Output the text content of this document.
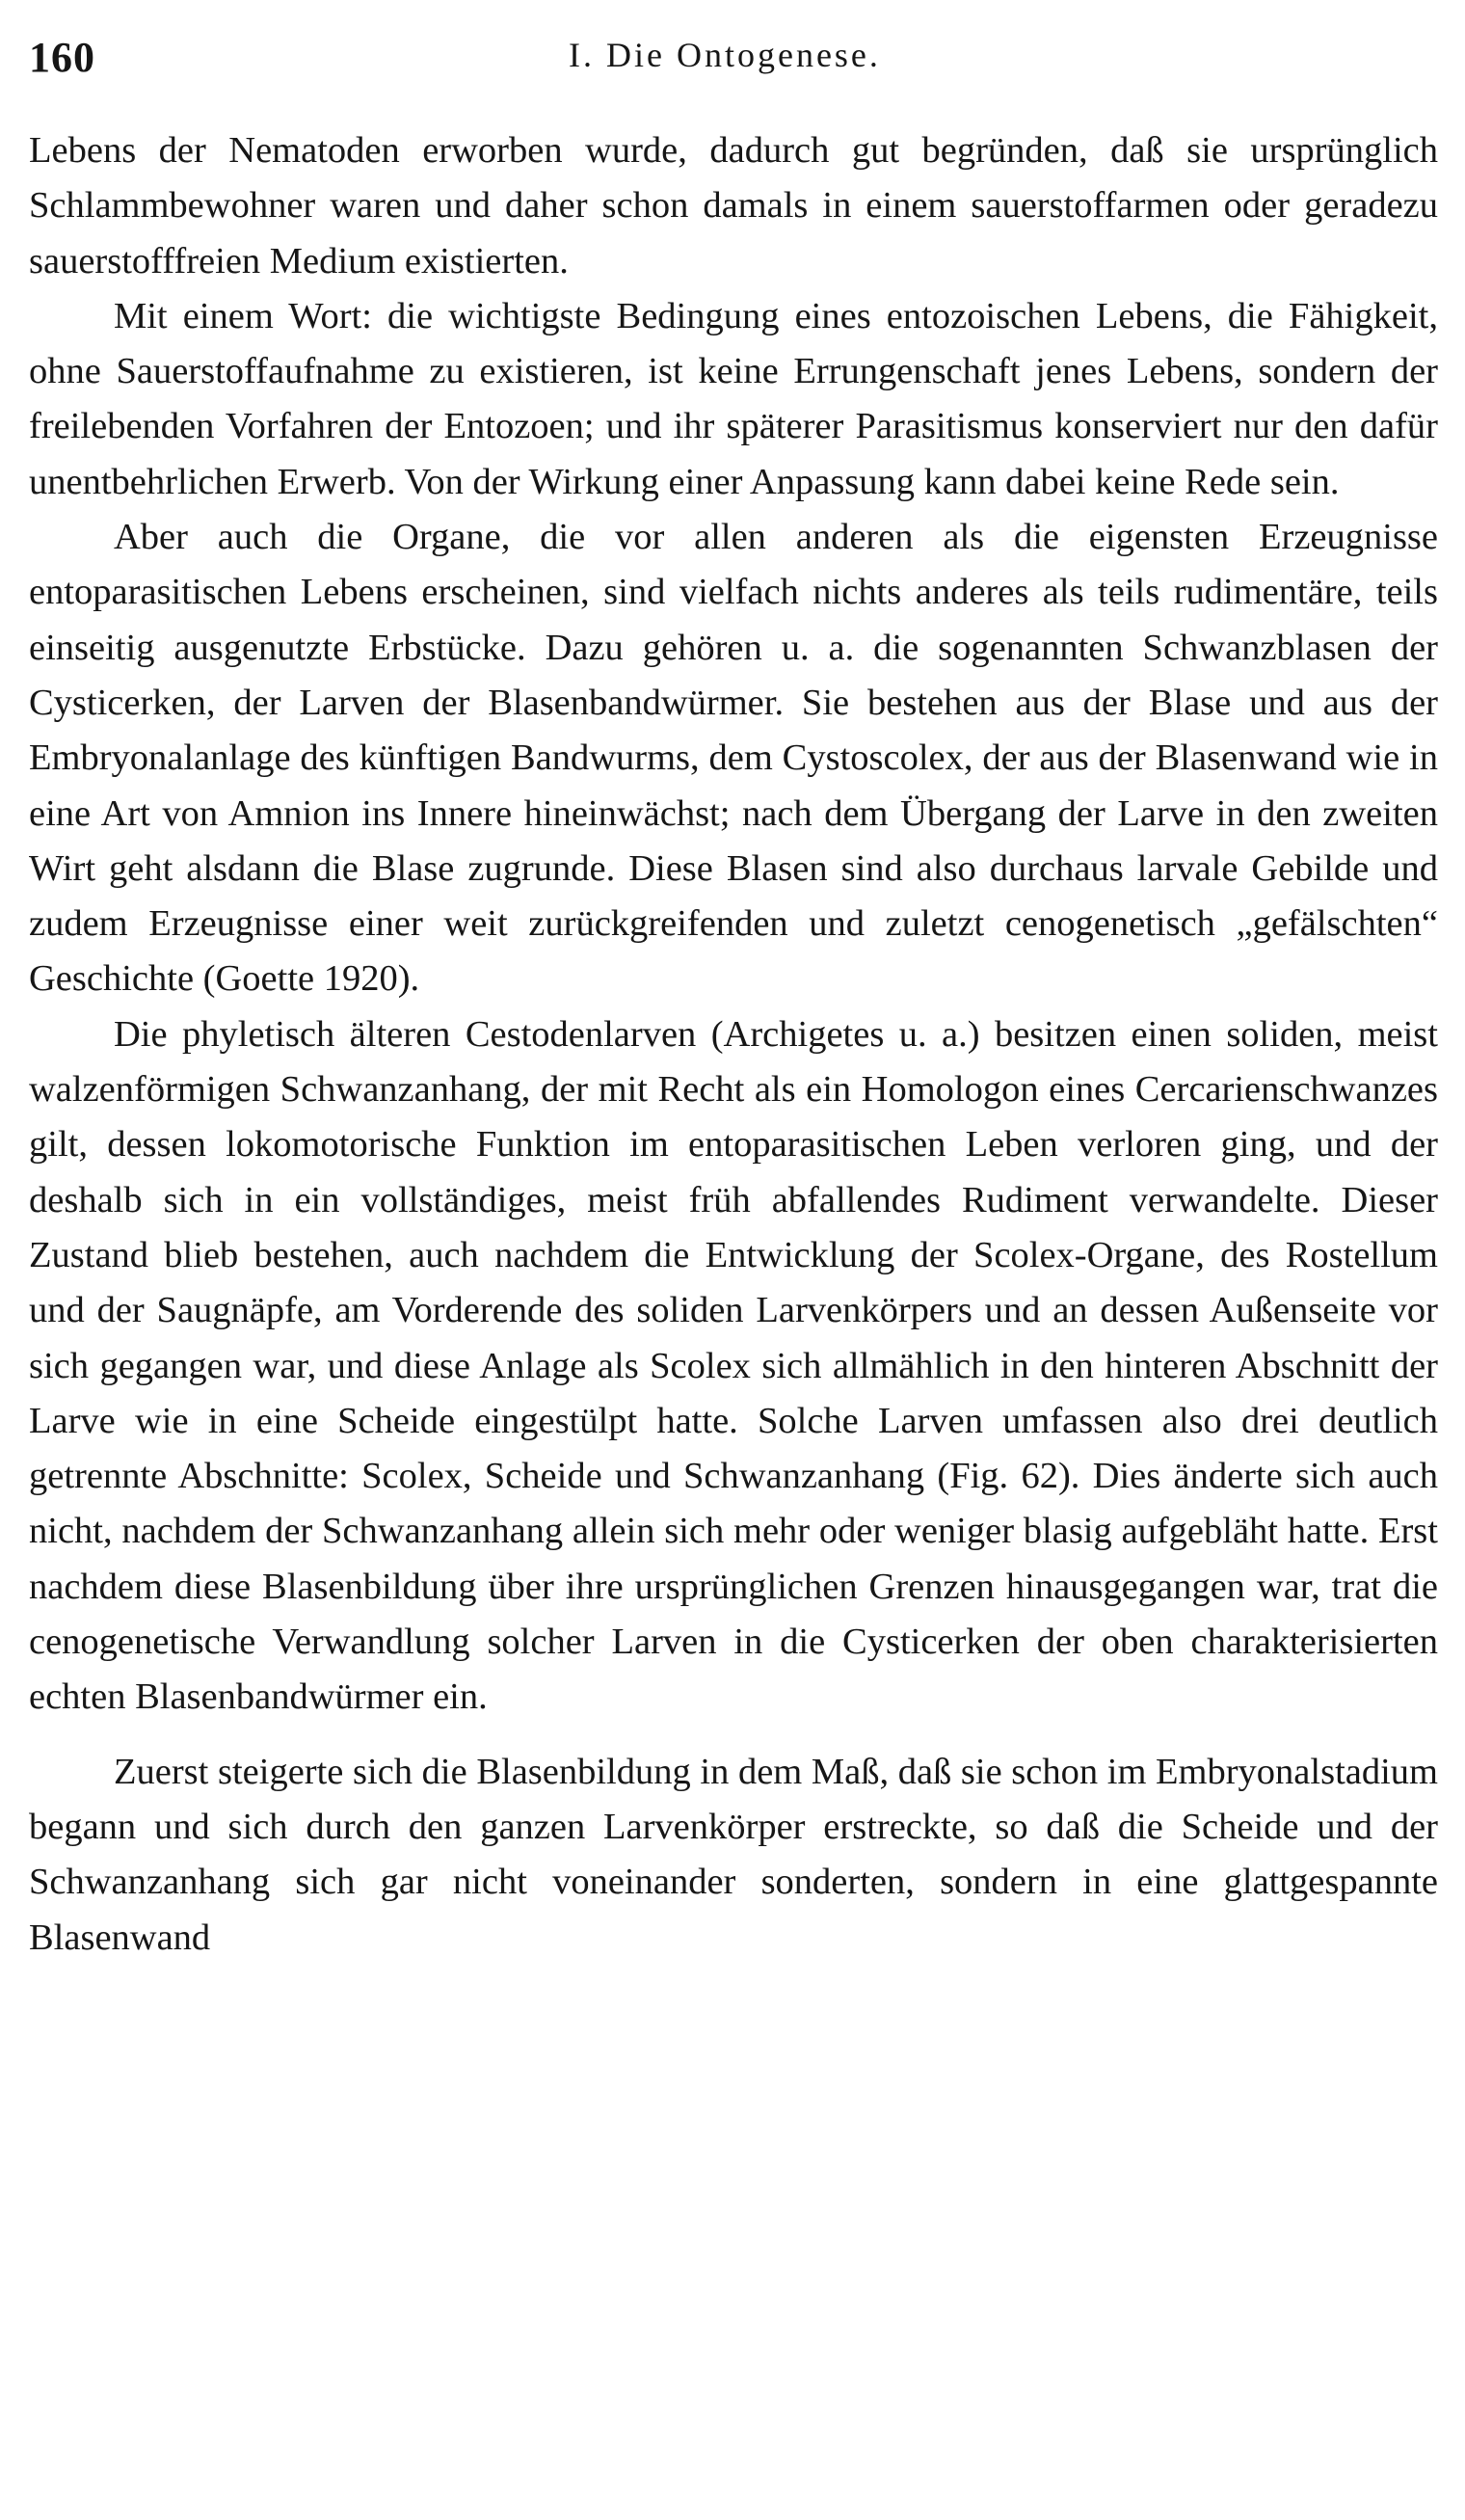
160	I. Die Ontogenese.

Lebens der Nematoden erworben wurde, dadurch gut begründen, daß sie ursprünglich Schlammbewohner waren und daher schon damals in einem sauerstoffarmen oder geradezu sauerstofffreien Medium existierten.

Mit einem Wort: die wichtigste Bedingung eines entozoischen Lebens, die Fähigkeit, ohne Sauerstoffaufnahme zu existieren, ist keine Errungenschaft jenes Lebens, sondern der freilebenden Vorfahren der Entozoen; und ihr späterer Parasitismus konserviert nur den dafür unentbehrlichen Erwerb. Von der Wirkung einer Anpassung kann dabei keine Rede sein.

Aber auch die Organe, die vor allen anderen als die eigensten Erzeugnisse entoparasitischen Lebens erscheinen, sind vielfach nichts anderes als teils rudimentäre, teils einseitig ausgenutzte Erbstücke. Dazu gehören u. a. die sogenannten Schwanzblasen der Cysticerken, der Larven der Blasenbandwürmer. Sie bestehen aus der Blase und aus der Embryonalanlage des künftigen Bandwurms, dem Cystoscolex, der aus der Blasenwand wie in eine Art von Amnion ins Innere hineinwächst; nach dem Übergang der Larve in den zweiten Wirt geht alsdann die Blase zugrunde. Diese Blasen sind also durchaus larvale Gebilde und zudem Erzeugnisse einer weit zurückgreifenden und zuletzt cenogenetisch „gefälschten“ Geschichte (Goette 1920).

Die phyletisch älteren Cestodenlarven (Archigetes u. a.) besitzen einen soliden, meist walzenförmigen Schwanzanhang, der mit Recht als ein Homologon eines Cercarienschwanzes gilt, dessen lokomotorische Funktion im entoparasitischen Leben verloren ging, und der deshalb sich in ein vollständiges, meist früh abfallendes Rudiment verwandelte. Dieser Zustand blieb bestehen, auch nachdem die Entwicklung der Scolex-Organe, des Rostellum und der Saugnäpfe, am Vorderende des soliden Larvenkörpers und an dessen Außenseite vor sich gegangen war, und diese Anlage als Scolex sich allmählich in den hinteren Abschnitt der Larve wie in eine Scheide eingestülpt hatte. Solche Larven umfassen also drei deutlich getrennte Abschnitte: Scolex, Scheide und Schwanzanhang (Fig. 62). Dies änderte sich auch nicht, nachdem der Schwanzanhang allein sich mehr oder weniger blasig aufgebläht hatte. Erst nachdem diese Blasenbildung über ihre ursprünglichen Grenzen hinausgegangen war, trat die cenogenetische Verwandlung solcher Larven in die Cysticerken der oben charakterisierten echten Blasenbandwürmer ein.

Zuerst steigerte sich die Blasenbildung in dem Maß, daß sie schon im Embryonalstadium begann und sich durch den ganzen Larvenkörper erstreckte, so daß die Scheide und der Schwanzanhang sich gar nicht voneinander sonderten, sondern in eine glattgespannte Blasenwand
